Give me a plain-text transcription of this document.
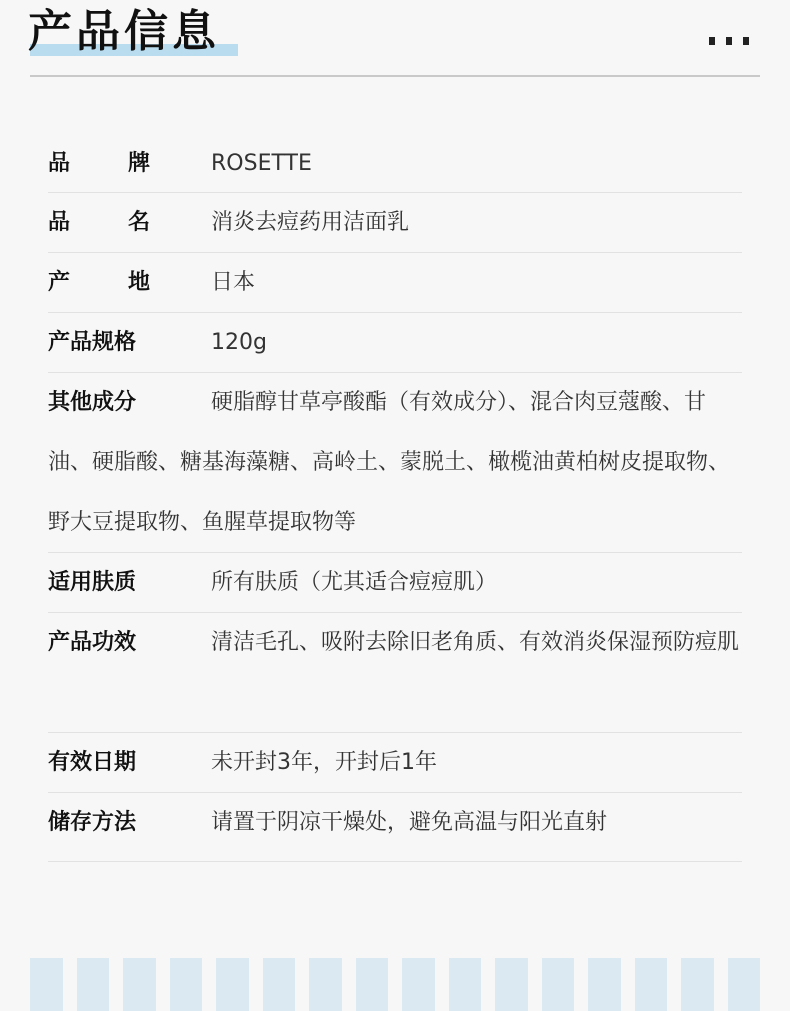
产品信息
品	牌	ROSETTE
品	名	消炎去痘药用洁面乳
产	地	日本
产品规格	120g
其他成分	硬脂醇甘草亭酸酯（有效成分）、混合肉豆蔻酸、甘油、硬脂酸、糖基海藻糖、高岭土、蒙脱土、橄榄油黄柏树皮提取物、野大豆提取物、鱼腥草提取物等
适用肤质	所有肤质（尤其适合痘痘肌）
产品功效	清洁毛孔、吸附去除旧老角质、有效消炎保湿预防痘肌
有效日期	未开封3年，开封后1年
储存方法	请置于阴凉干燥处，避免高温与阳光直射
